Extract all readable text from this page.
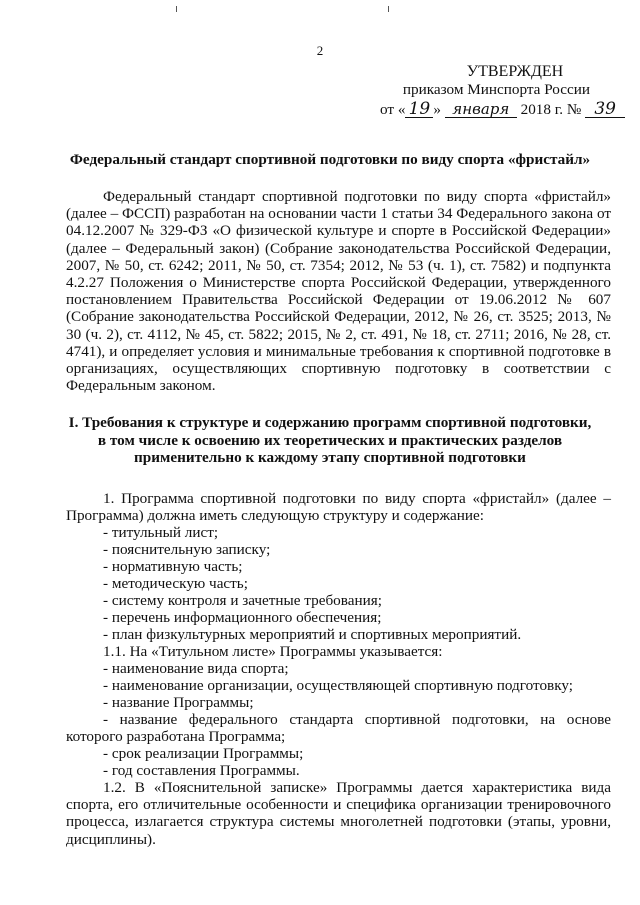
2
УТВЕРЖДЕН
приказом Минспорта России
от « 19 » января 2018 г. № 39
Федеральный стандарт спортивной подготовки по виду спорта «фристайл»
Федеральный стандарт спортивной подготовки по виду спорта «фристайл» (далее – ФССП) разработан на основании части 1 статьи 34 Федерального закона от 04.12.2007 № 329-ФЗ «О физической культуре и спорте в Российской Федерации» (далее – Федеральный закон) (Собрание законодательства Российской Федерации, 2007, № 50, ст. 6242; 2011, № 50, ст. 7354; 2012, № 53 (ч. 1), ст. 7582) и подпункта 4.2.27 Положения о Министерстве спорта Российской Федерации, утвержденного постановлением Правительства Российской Федерации от 19.06.2012 № 607 (Собрание законодательства Российской Федерации, 2012, № 26, ст. 3525; 2013, № 30 (ч. 2), ст. 4112, № 45, ст. 5822; 2015, № 2, ст. 491, № 18, ст. 2711; 2016, № 28, ст. 4741), и определяет условия и минимальные требования к спортивной подготовке в организациях, осуществляющих спортивную подготовку в соответствии с Федеральным законом.
I. Требования к структуре и содержанию программ спортивной подготовки,
в том числе к освоению их теоретических и практических разделов
применительно к каждому этапу спортивной подготовки
1. Программа спортивной подготовки по виду спорта «фристайл» (далее – Программа) должна иметь следующую структуру и содержание:
- титульный лист;
- пояснительную записку;
- нормативную часть;
- методическую часть;
- систему контроля и зачетные требования;
- перечень информационного обеспечения;
- план физкультурных мероприятий и спортивных мероприятий.
1.1. На «Титульном листе» Программы указывается:
- наименование вида спорта;
- наименование организации, осуществляющей спортивную подготовку;
- название Программы;
- название федерального стандарта спортивной подготовки, на основе которого разработана Программа;
- срок реализации Программы;
- год составления Программы.
1.2. В «Пояснительной записке» Программы дается характеристика вида спорта, его отличительные особенности и специфика организации тренировочного процесса, излагается структура системы многолетней подготовки (этапы, уровни, дисциплины).
